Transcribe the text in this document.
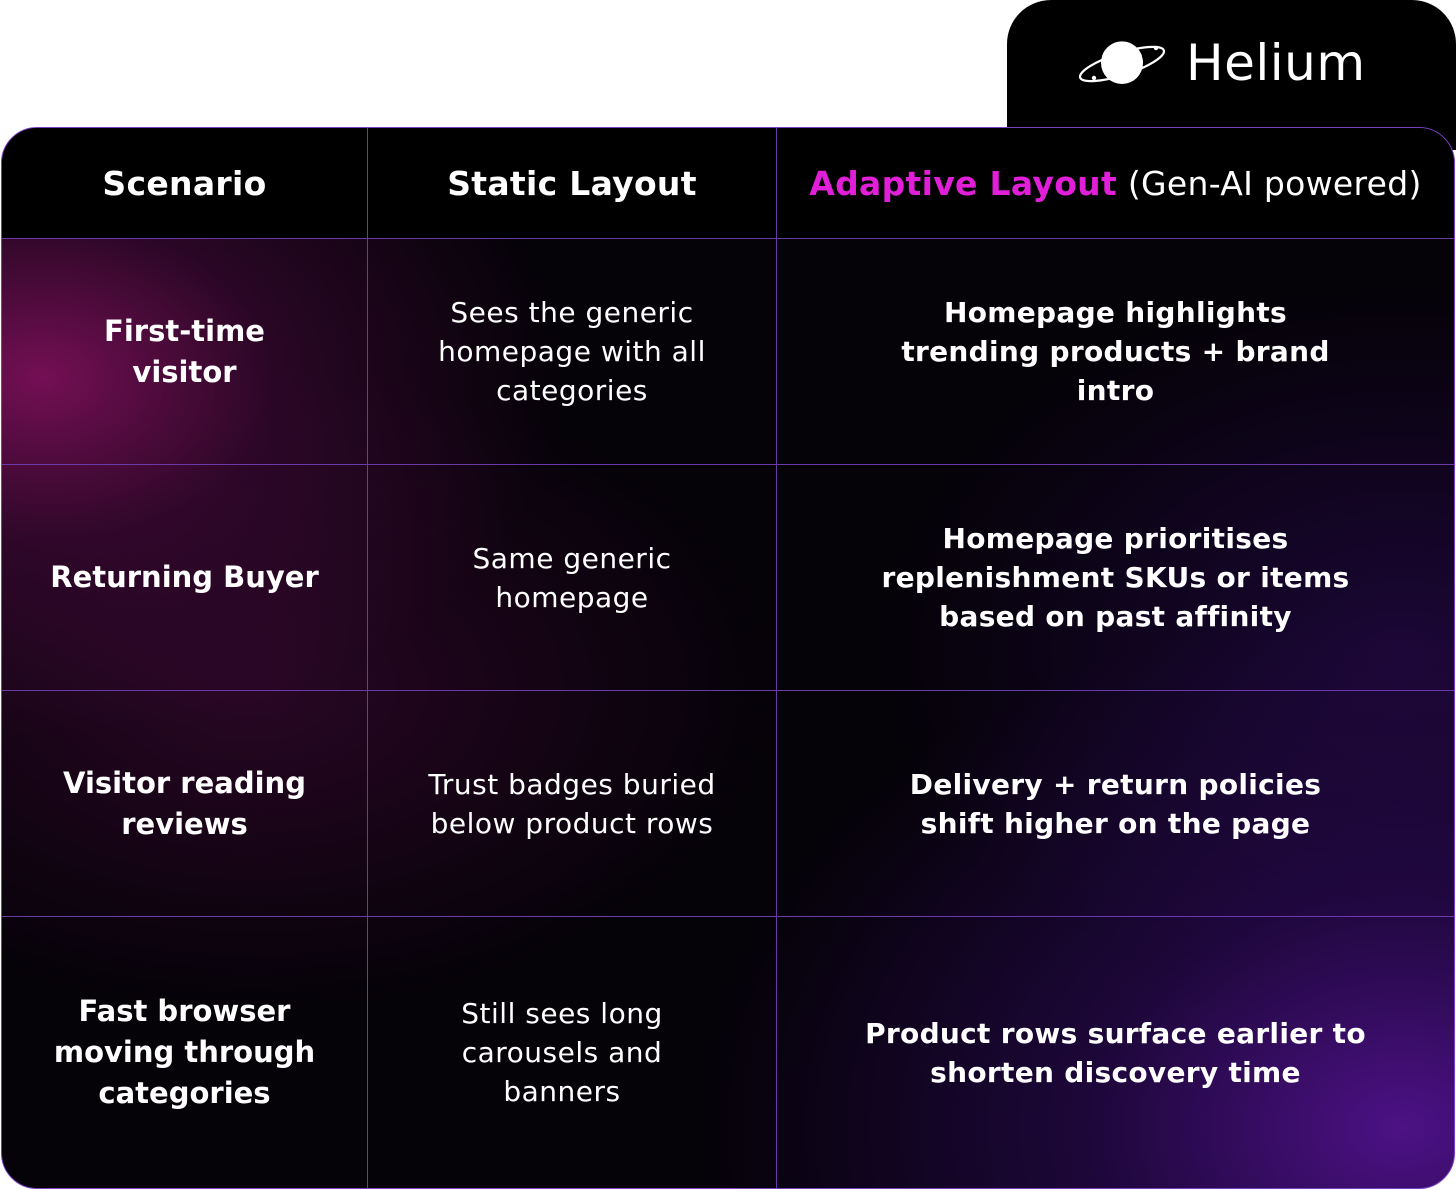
Helium
Scenario	Static Layout	Adaptive Layout (Gen-AI powered)
First-time visitor
Sees the generic homepage with all categories
Homepage highlights trending products + brand intro
Returning Buyer
Same generic homepage
Homepage prioritises replenishment SKUs or items based on past affinity
Visitor reading reviews
Trust badges buried below product rows
Delivery + return policies shift higher on the page
Fast browser moving through categories
Still sees long carousels and banners
Product rows surface earlier to shorten discovery time
